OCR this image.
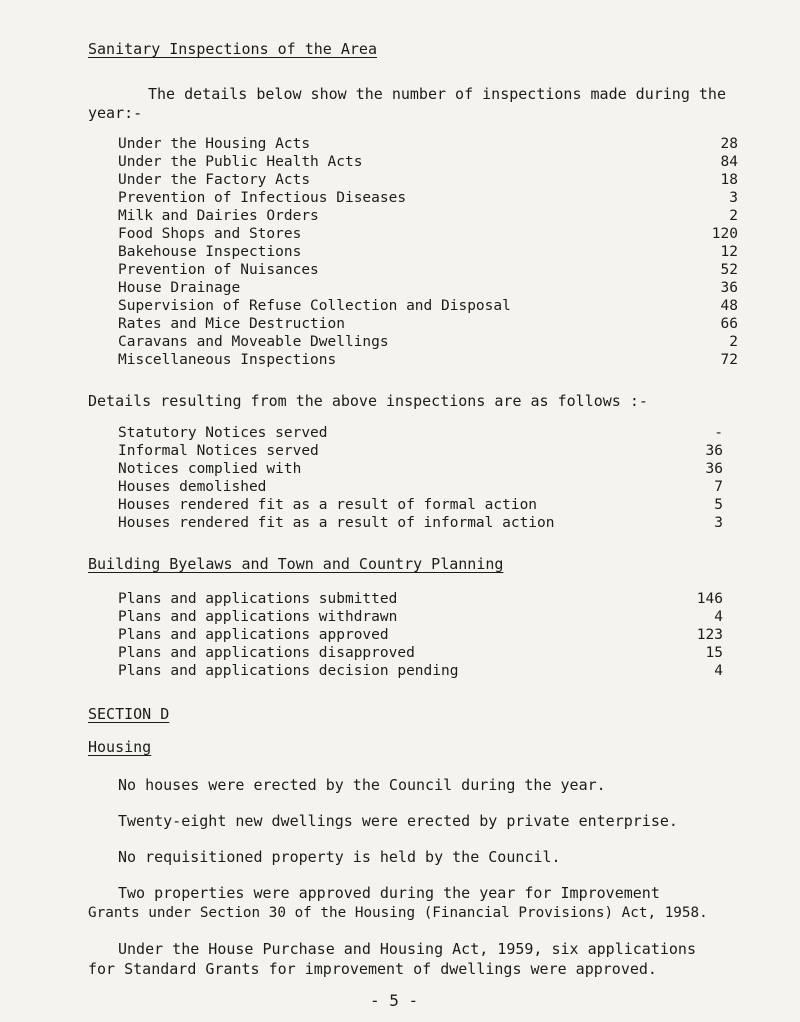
Sanitary Inspections of the Area
The details below show the number of inspections made during the
year:-
Under the Housing Acts	28
Under the Public Health Acts	84
Under the Factory Acts	18
Prevention of Infectious Diseases	3
Milk and Dairies Orders	2
Food Shops and Stores	120
Bakehouse Inspections	12
Prevention of Nuisances	52
House Drainage	36
Supervision of Refuse Collection and Disposal	48
Rates and Mice Destruction	66
Caravans and Moveable Dwellings	2
Miscellaneous Inspections	72
Details resulting from the above inspections are as follows :-
Statutory Notices served	-
Informal Notices served	36
Notices complied with	36
Houses demolished	7
Houses rendered fit as a result of formal action	5
Houses rendered fit as a result of informal action	3
Building Byelaws and Town and Country Planning
Plans and applications submitted	146
Plans and applications withdrawn	4
Plans and applications approved	123
Plans and applications disapproved	15
Plans and applications decision pending	4
SECTION D
Housing
No houses were erected by the Council during the year.
Twenty-eight new dwellings were erected by private enterprise.
No requisitioned property is held by the Council.
Two properties were approved during the year for Improvement
Grants under Section 30 of the Housing (Financial Provisions) Act, 1958.
Under the House Purchase and Housing Act, 1959, six applications
for Standard Grants for improvement of dwellings were approved.
- 5 -
